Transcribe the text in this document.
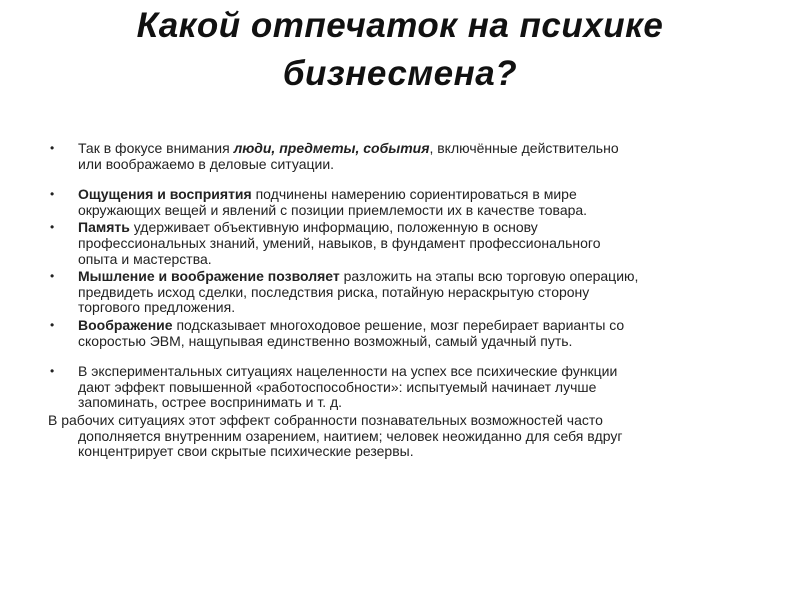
Какой отпечаток на психике
бизнесмена?
•	Так в фокусе внимания люди, предметы, события, включённые действительно
или воображаемо в деловые ситуации.
•	Ощущения и восприятия подчинены намерению сориентироваться в мире
окружающих вещей и явлений с позиции приемлемости их в качестве товара.
•	Память удерживает объективную информацию, положенную в основу
профессиональных знаний, умений, навыков, в фундамент профессионального
опыта и мастерства.
•	Мышление и воображение позволяет разложить на этапы всю торговую операцию,
предвидеть исход сделки, последствия риска, потайную нераскрытую сторону
торгового предложения.
•	Воображение подсказывает многоходовое решение, мозг перебирает варианты со
скоростью ЭВМ, нащупывая единственно возможный, самый удачный путь.
•	В экспериментальных ситуациях нацеленности на успех все психические функции
дают эффект повышенной «работоспособности»: испытуемый начинает лучше
запоминать, острее воспринимать и т. д.
В рабочих ситуациях этот эффект собранности познавательных возможностей часто
дополняется внутренним озарением, наитием; человек неожиданно для себя вдруг
концентрирует свои скрытые психические резервы.
